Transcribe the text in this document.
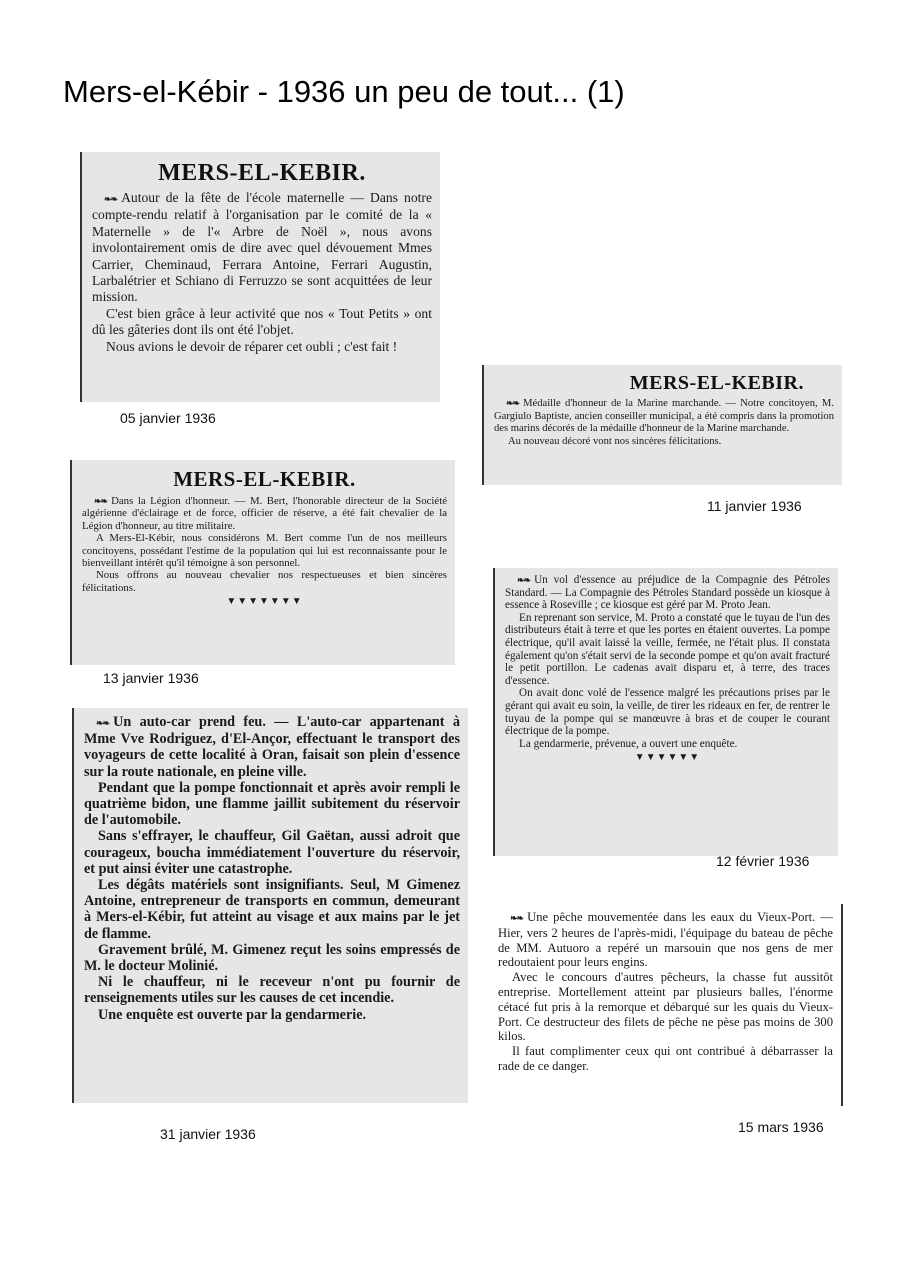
Mers-el-Kébir - 1936 un peu de tout... (1)
MERS-EL-KEBIR.

❧❧ Autour de la fête de l'école maternelle — Dans notre compte-rendu relatif à l'organisation par le comité de la « Maternelle » de l'« Arbre de Noël », nous avons involontairement omis de dire avec quel dévouement Mmes Carrier, Cheminaud, Ferrara Antoine, Ferrari Augustin, Larbalétrier et Schiano di Ferruzzo se sont acquittées de leur mission.

C'est bien grâce à leur activité que nos « Tout Petits » ont dû les gâteries dont ils ont été l'objet.

Nous avions le devoir de réparer cet oubli ; c'est fait !

05 janvier 1936
MERS-EL-KEBIR.

❧❧ Médaille d'honneur de la Marine marchande. — Notre concitoyen, M. Gargiulo Baptiste, ancien conseiller municipal, a été compris dans la promotion des marins décorés de la médaille d'honneur de la Marine marchande.

Au nouveau décoré vont nos sincères félicitations.

11 janvier 1936
MERS-EL-KEBIR.

❧❧ Dans la Légion d'honneur. — M. Bert, l'honorable directeur de la Société algérienne d'éclairage et de force, officier de réserve, a été fait chevalier de la Légion d'honneur, au titre militaire.

A Mers-El-Kébir, nous considérons M. Bert comme l'un de nos meilleurs concitoyens, possédant l'estime de la population qui lui est reconnaissante pour le bienveillant intérêt qu'il témoigne à son personnel.

Nous offrons au nouveau chevalier nos respectueuses et bien sincères félicitations.

▼▼▼▼▼▼▼
13 janvier 1936

❧❧ Un vol d'essence au préjudice de la Compagnie des Pétroles Standard. — La Compagnie des Pétroles Standard possède un kiosque à essence à Roseville ; ce kiosque est géré par M. Proto Jean.

En reprenant son service, M. Proto a constaté que le tuyau de l'un des distributeurs était à terre et que les portes en étaient ouvertes. La pompe électrique, qu'il avait laissé la veille, fermée, ne l'était plus. Il constata également qu'on s'était servi de la seconde pompe et qu'on avait fracturé le petit portillon. Le cadenas avait disparu et, à terre, des traces d'essence.

On avait donc volé de l'essence malgré les précautions prises par le gérant qui avait eu soin, la veille, de tirer les rideaux en fer, de rentrer le tuyau de la pompe qui se manœuvre à bras et de couper le courant électrique de la pompe.

La gendarmerie, prévenue, a ouvert une enquête.

▼▼▼▼▼▼
12 février 1936

❧❧ Un auto-car prend feu. — L'auto-car appartenant à Mme Vve Rodriguez, d'El-Ançor, effectuant le transport des voyageurs de cette localité à Oran, faisait son plein d'essence sur la route nationale, en pleine ville.

Pendant que la pompe fonctionnait et après avoir rempli le quatrième bidon, une flamme jaillit subitement du réservoir de l'automobile.

Sans s'effrayer, le chauffeur, Gil Gaëtan, aussi adroit que courageux, boucha immédiatement l'ouverture du réservoir, et put ainsi éviter une catastrophe.

Les dégâts matériels sont insignifiants. Seul, M Gimenez Antoine, entrepreneur de transports en commun, demeurant à Mers-el-Kébir, fut atteint au visage et aux mains par le jet de flamme.

Gravement brûlé, M. Gimenez reçut les soins empressés de M. le docteur Molinié.

Ni le chauffeur, ni le receveur n'ont pu fournir de renseignements utiles sur les causes de cet incendie.

Une enquête est ouverte par la gendarmerie.

31 janvier 1936

❧❧ Une pêche mouvementée dans les eaux du Vieux-Port. — Hier, vers 2 heures de l'après-midi, l'équipage du bateau de pêche de MM. Autuoro a repéré un marsouin que nos gens de mer redoutaient pour leurs engins.

Avec le concours d'autres pêcheurs, la chasse fut aussitôt entreprise. Mortellement atteint par plusieurs balles, l'énorme cétacé fut pris à la remorque et débarqué sur les quais du Vieux-Port. Ce destructeur des filets de pêche ne pèse pas moins de 300 kilos.

Il faut complimenter ceux qui ont contribué à débarrasser la rade de ce danger.

15 mars 1936
